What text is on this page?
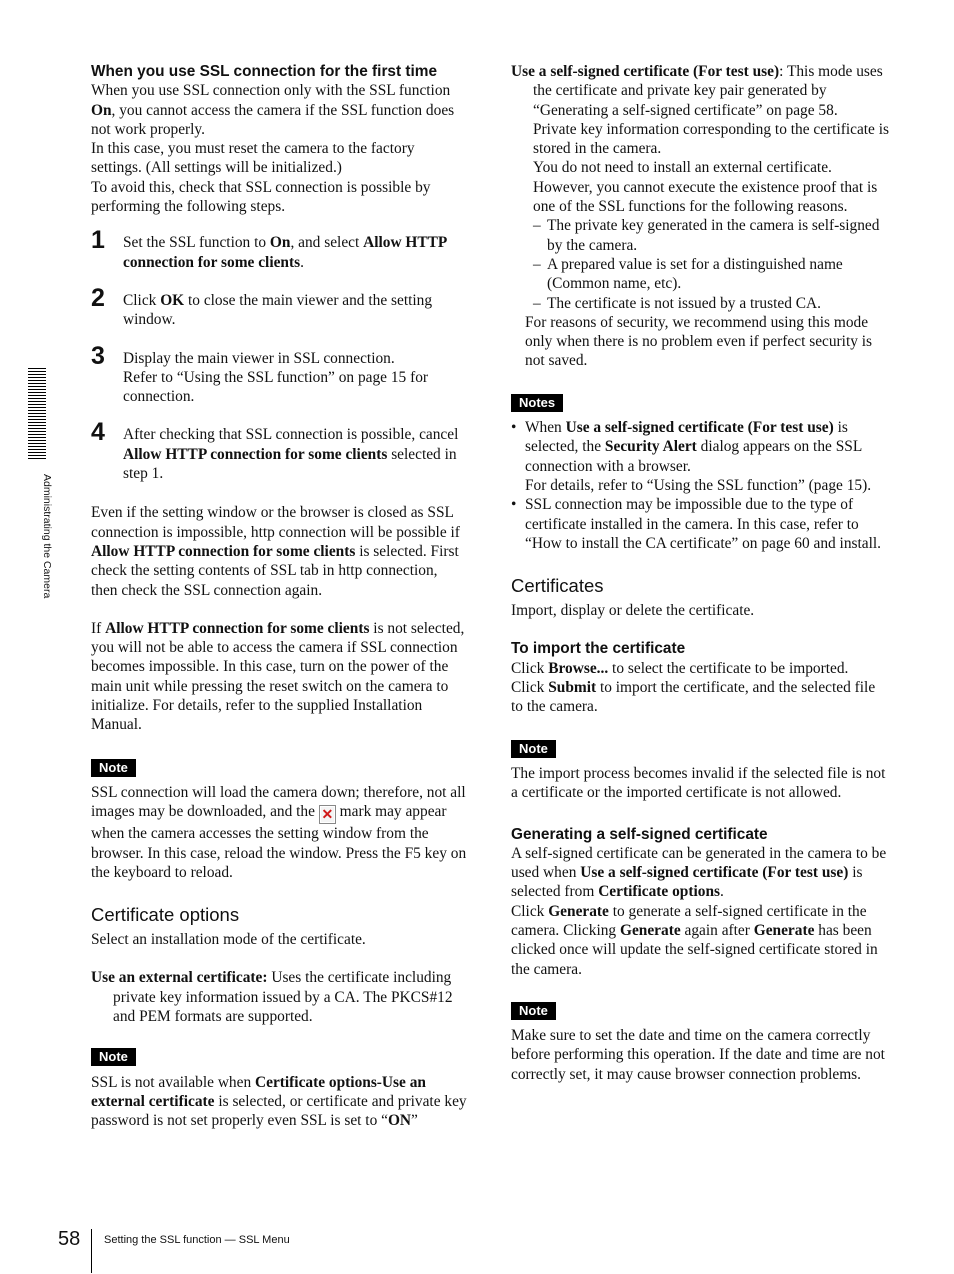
Administrating the Camera
When you use SSL connection for the first time

When you use SSL connection only with the SSL function On, you cannot access the camera if the SSL function does not work properly.

In this case, you must reset the camera to the factory settings. (All settings will be initialized.)

To avoid this, check that SSL connection is possible by performing the following steps.

1 Set the SSL function to On, and select Allow HTTP connection for some clients.
2 Click OK to close the main viewer and the setting window.
3 Display the main viewer in SSL connection.
Refer to “Using the SSL function” on page 15 for connection.
4 After checking that SSL connection is possible, cancel Allow HTTP connection for some clients selected in step 1.

Even if the setting window or the browser is closed as SSL connection is impossible, http connection will be possible if Allow HTTP connection for some clients is selected. First check the setting contents of SSL tab in http connection, then check the SSL connection again.

If Allow HTTP connection for some clients is not selected, you will not be able to access the camera if SSL connection becomes impossible. In this case, turn on the power of the main unit while pressing the reset switch on the camera to initialize. For details, refer to the supplied Installation Manual.

Note

SSL connection will load the camera down; therefore, not all images may be downloaded, and the ✕ mark may appear when the camera accesses the setting window from the browser. In this case, reload the window. Press the F5 key on the keyboard to reload.

Certificate options

Select an installation mode of the certificate.

Use an external certificate: Uses the certificate including private key information issued by a CA. The PKCS#12 and PEM formats are supported.

Note

SSL is not available when Certificate options-Use an external certificate is selected, or certificate and private key password is not set properly even SSL is set to “ON”

Use a self-signed certificate (For test use): This mode uses the certificate and private key pair generated by “Generating a self-signed certificate” on page 58.

Private key information corresponding to the certificate is stored in the camera.

You do not need to install an external certificate. However, you cannot execute the existence proof that is one of the SSL functions for the following reasons.

– The private key generated in the camera is self-signed by the camera.
– A prepared value is set for a distinguished name (Common name, etc).
– The certificate is not issued by a trusted CA.

For reasons of security, we recommend using this mode only when there is no problem even if perfect security is not saved.

Notes
• When Use a self-signed certificate (For test use) is selected, the Security Alert dialog appears on the SSL connection with a browser.
For details, refer to “Using the SSL function” (page 15).
• SSL connection may be impossible due to the type of certificate installed in the camera. In this case, refer to “How to install the CA certificate” on page 60 and install.
Certificates

Import, display or delete the certificate.

To import the certificate

Click Browse... to select the certificate to be imported.

Click Submit to import the certificate, and the selected file to the camera.

Note

The import process becomes invalid if the selected file is not a certificate or the imported certificate is not allowed.

Generating a self-signed certificate

A self-signed certificate can be generated in the camera to be used when Use a self-signed certificate (For test use) is selected from Certificate options.

Click Generate to generate a self-signed certificate in the camera. Clicking Generate again after Generate has been clicked once will update the self-signed certificate stored in the camera.

Note

Make sure to set the date and time on the camera correctly before performing this operation. If the date and time are not correctly set, it may cause browser connection problems.

58 Setting the SSL function — SSL Menu
